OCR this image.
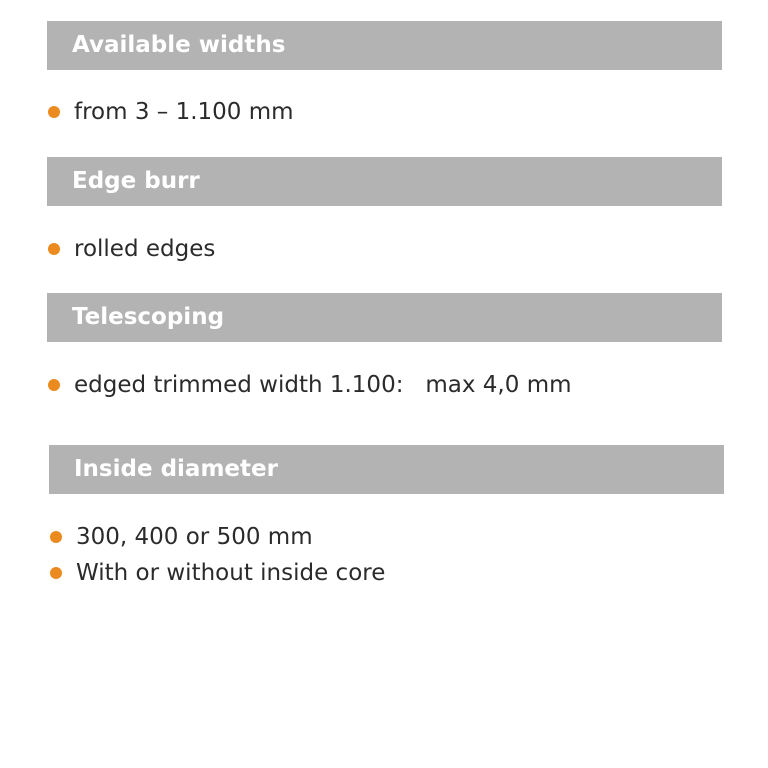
Available widths
from 3 – 1.100 mm
Edge burr
rolled edges
Telescoping
edged trimmed width 1.100:   max 4,0 mm
Inside diameter
300, 400 or 500 mm
With or without inside core
